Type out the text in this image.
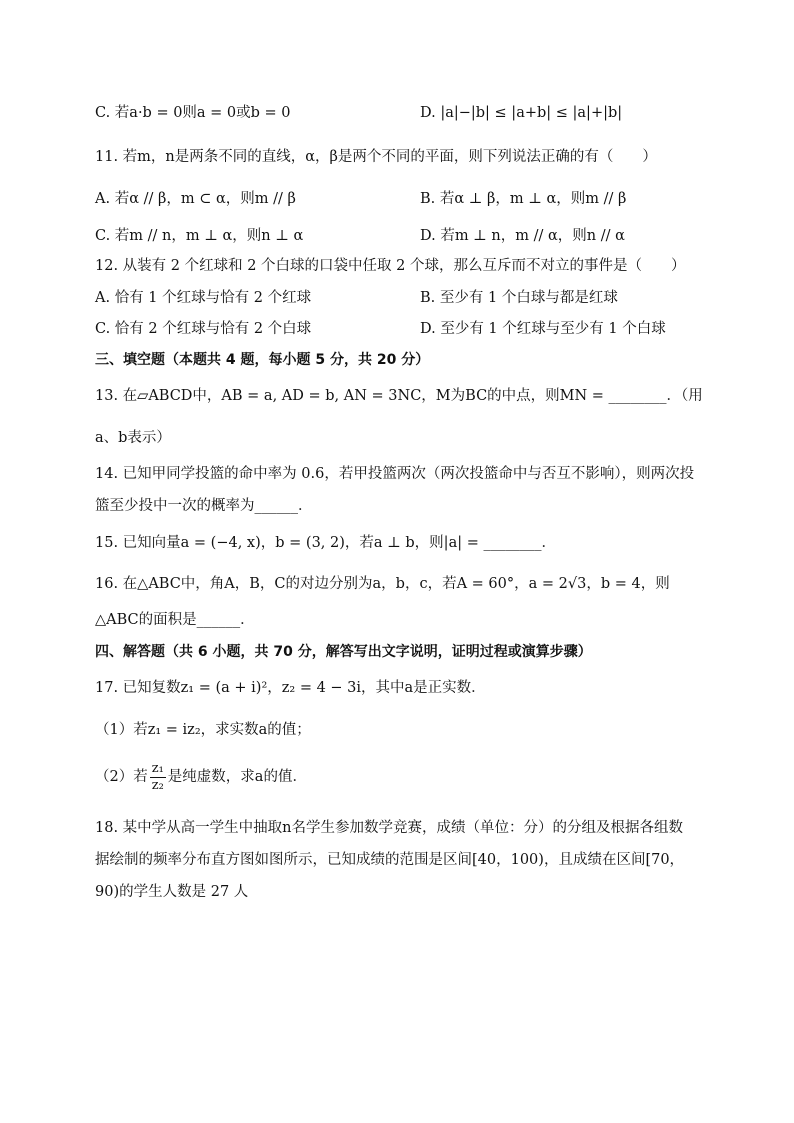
C. 若a·b = 0则a = 0或b = 0	D. |a|−|b| ≤ |a+b| ≤ |a|+|b|
11. 若m，n是两条不同的直线，α，β是两个不同的平面，则下列说法正确的有（　　）
A. 若α // β，m ⊂ α，则m // β	B. 若α ⊥ β，m ⊥ α，则m // β
C. 若m // n，m ⊥ α，则n ⊥ α	D. 若m ⊥ n，m // α，则n // α
12. 从装有 2 个红球和 2 个白球的口袋中任取 2 个球，那么互斥而不对立的事件是（　　）
A. 恰有 1 个红球与恰有 2 个红球	B. 至少有 1 个白球与都是红球
C. 恰有 2 个红球与恰有 2 个白球	D. 至少有 1 个红球与至少有 1 个白球
三、填空题（本题共 4 题，每小题 5 分，共 20 分）
13. 在▱ABCD中，AB = a, AD = b, AN = 3NC，M为BC的中点，则MN = ________．（用
a、b表示）
14. 已知甲同学投篮的命中率为 0.6，若甲投篮两次（两次投篮命中与否互不影响），则两次投
篮至少投中一次的概率为______．
15. 已知向量a = (−4, x)，b = (3, 2)，若a ⊥ b，则|a| = ________．
16. 在△ABC中，角A，B，C的对边分别为a，b，c，若A = 60°，a = 2√3，b = 4，则
△ABC的面积是______．
四、解答题（共 6 小题，共 70 分，解答写出文字说明，证明过程或演算步骤）
17. 已知复数z₁ = (a + i)²，z₂ = 4 − 3i，其中a是正实数．
（1）若z₁ = iz₂，求实数a的值；
（2）若 $\frac{\text{z₁}}{\text{z₂}}$ 是纯虚数，求a的值．
18. 某中学从高一学生中抽取n名学生参加数学竞赛，成绩（单位：分）的分组及根据各组数
据绘制的频率分布直方图如图所示，已知成绩的范围是区间[40，100)，且成绩在区间[70，
90)的学生人数是 27 人
